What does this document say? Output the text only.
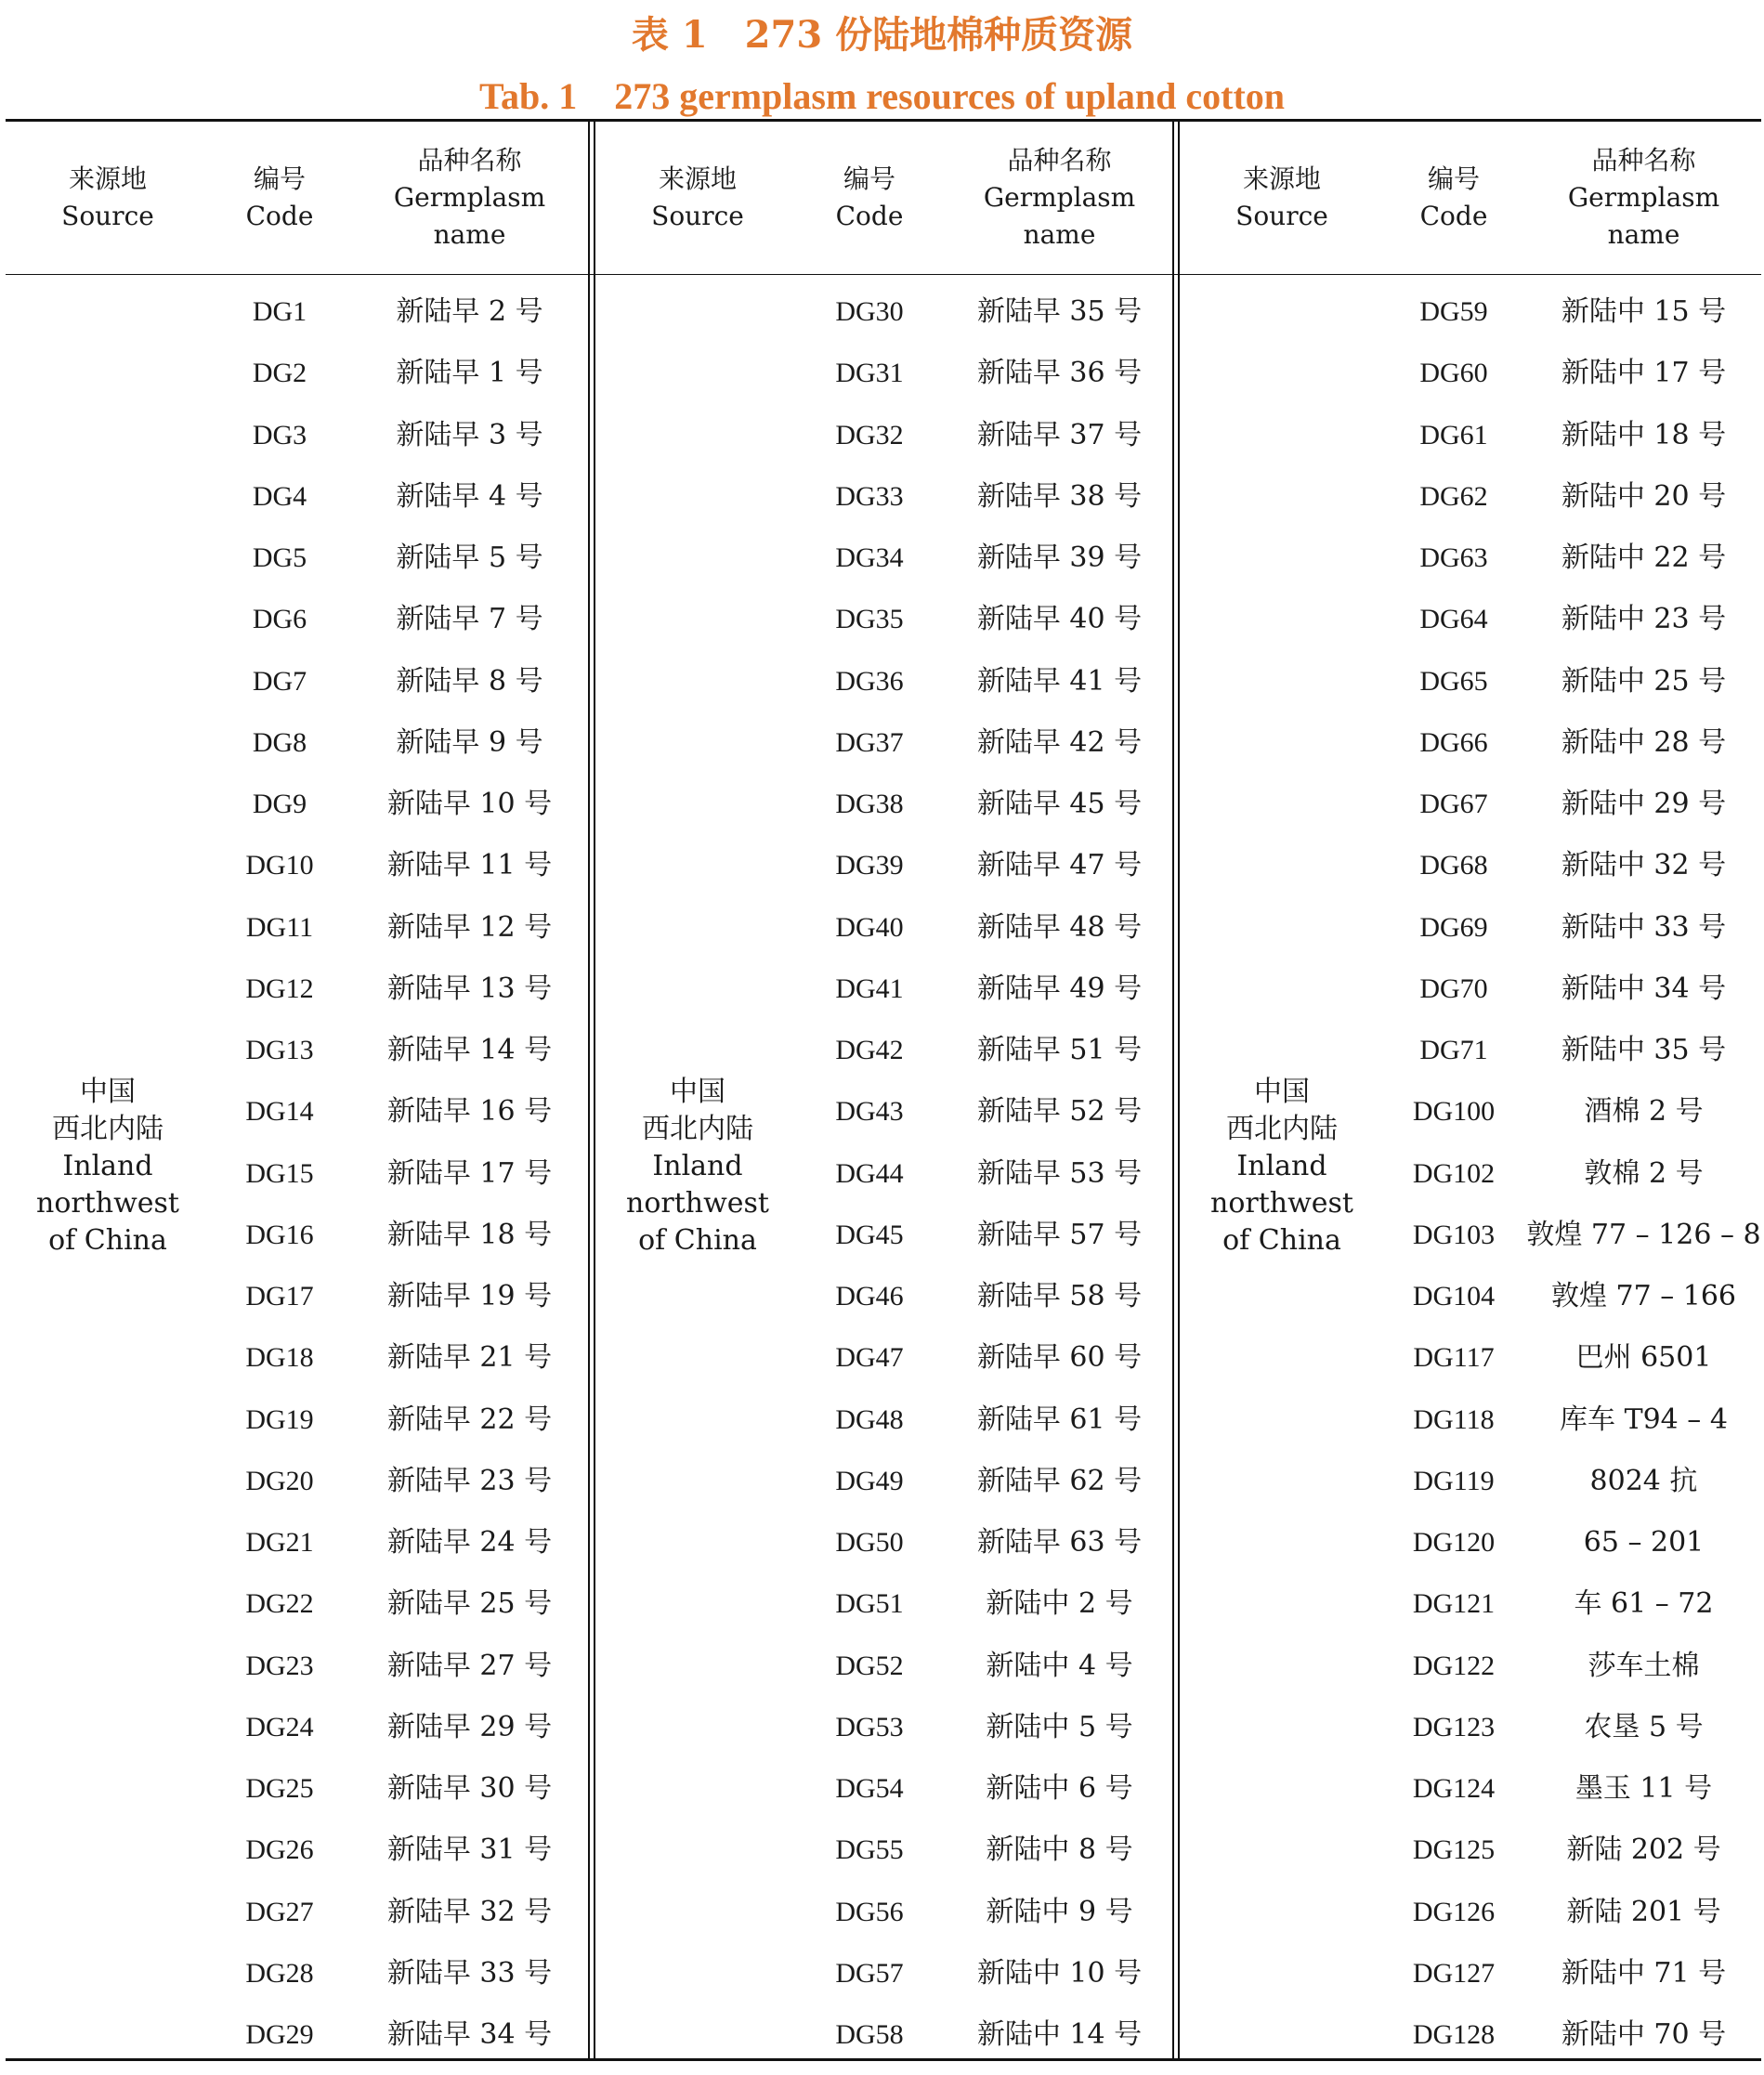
表 1　273 份陆地棉种质资源
Tab. 1　273 germplasm resources of upland cotton
来源地
Source
编号
Code
品种名称
Germplasm
name
中国
西北内陆
Inland
northwest
of China
DG1	新陆早 2 号
DG2	新陆早 1 号
DG3	新陆早 3 号
DG4	新陆早 4 号
DG5	新陆早 5 号
DG6	新陆早 7 号
DG7	新陆早 8 号
DG8	新陆早 9 号
DG9	新陆早 10 号
DG10	新陆早 11 号
DG11	新陆早 12 号
DG12	新陆早 13 号
DG13	新陆早 14 号
DG14	新陆早 16 号
DG15	新陆早 17 号
DG16	新陆早 18 号
DG17	新陆早 19 号
DG18	新陆早 21 号
DG19	新陆早 22 号
DG20	新陆早 23 号
DG21	新陆早 24 号
DG22	新陆早 25 号
DG23	新陆早 27 号
DG24	新陆早 29 号
DG25	新陆早 30 号
DG26	新陆早 31 号
DG27	新陆早 32 号
DG28	新陆早 33 号
DG29	新陆早 34 号
来源地
Source
编号
Code
品种名称
Germplasm
name
中国
西北内陆
Inland
northwest
of China
DG30	新陆早 35 号
DG31	新陆早 36 号
DG32	新陆早 37 号
DG33	新陆早 38 号
DG34	新陆早 39 号
DG35	新陆早 40 号
DG36	新陆早 41 号
DG37	新陆早 42 号
DG38	新陆早 45 号
DG39	新陆早 47 号
DG40	新陆早 48 号
DG41	新陆早 49 号
DG42	新陆早 51 号
DG43	新陆早 52 号
DG44	新陆早 53 号
DG45	新陆早 57 号
DG46	新陆早 58 号
DG47	新陆早 60 号
DG48	新陆早 61 号
DG49	新陆早 62 号
DG50	新陆早 63 号
DG51	新陆中 2 号
DG52	新陆中 4 号
DG53	新陆中 5 号
DG54	新陆中 6 号
DG55	新陆中 8 号
DG56	新陆中 9 号
DG57	新陆中 10 号
DG58	新陆中 14 号
来源地
Source
编号
Code
品种名称
Germplasm
name
中国
西北内陆
Inland
northwest
of China
DG59	新陆中 15 号
DG60	新陆中 17 号
DG61	新陆中 18 号
DG62	新陆中 20 号
DG63	新陆中 22 号
DG64	新陆中 23 号
DG65	新陆中 25 号
DG66	新陆中 28 号
DG67	新陆中 29 号
DG68	新陆中 32 号
DG69	新陆中 33 号
DG70	新陆中 34 号
DG71	新陆中 35 号
DG100	酒棉 2 号
DG102	敦棉 2 号
DG103	敦煌 77 – 126 – 8
DG104	敦煌 77 – 166
DG117	巴州 6501
DG118	库车 T94 – 4
DG119	8024 抗
DG120	65 – 201
DG121	车 61 – 72
DG122	莎车土棉
DG123	农垦 5 号
DG124	墨玉 11 号
DG125	新陆 202 号
DG126	新陆 201 号
DG127	新陆中 71 号
DG128	新陆中 70 号
